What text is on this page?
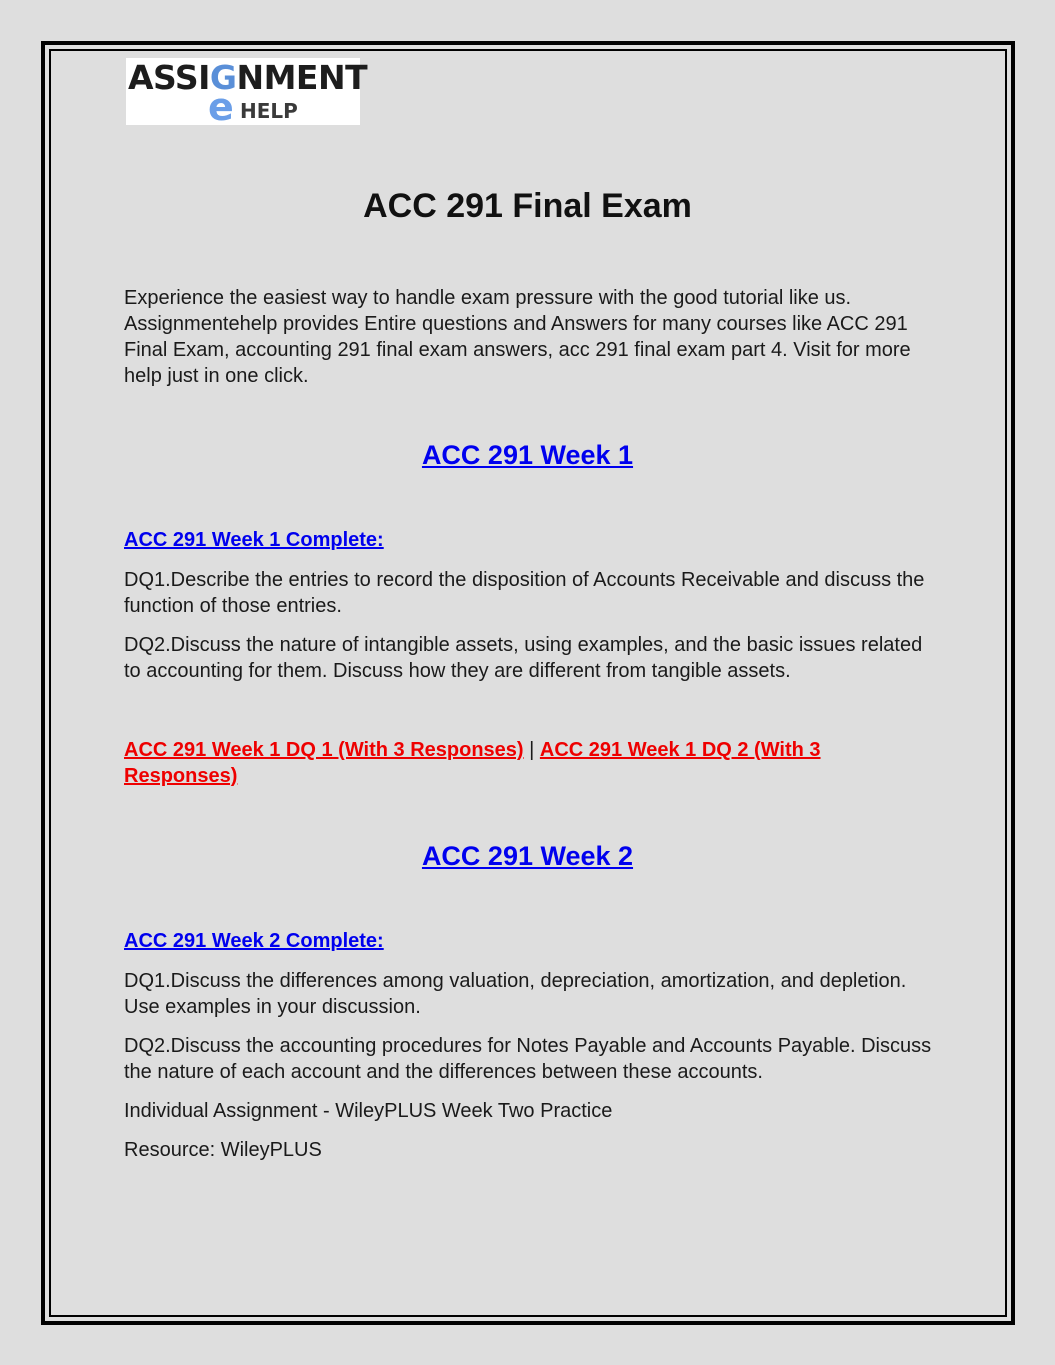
ASSIGNMENT
e HELP
ACC 291 Final Exam

Experience the easiest way to handle exam pressure with the good tutorial like us. Assignmentehelp provides Entire questions and Answers for many courses like ACC 291 Final Exam, accounting 291 final exam answers, acc 291 final exam part 4. Visit for more help just in one click.

ACC 291 Week 1
ACC 291 Week 1 Complete:

DQ1.Describe the entries to record the disposition of Accounts Receivable and discuss the function of those entries.

DQ2.Discuss the nature of intangible assets, using examples, and the basic issues related to accounting for them. Discuss how they are different from tangible assets.

ACC 291 Week 1 DQ 1 (With 3 Responses) | ACC 291 Week 1 DQ 2 (With 3 Responses)

ACC 291 Week 2
ACC 291 Week 2 Complete:

DQ1.Discuss the differences among valuation, depreciation, amortization, and depletion. Use examples in your discussion.

DQ2.Discuss the accounting procedures for Notes Payable and Accounts Payable. Discuss the nature of each account and the differences between these accounts.

Individual Assignment - WileyPLUS Week Two Practice

Resource: WileyPLUS
